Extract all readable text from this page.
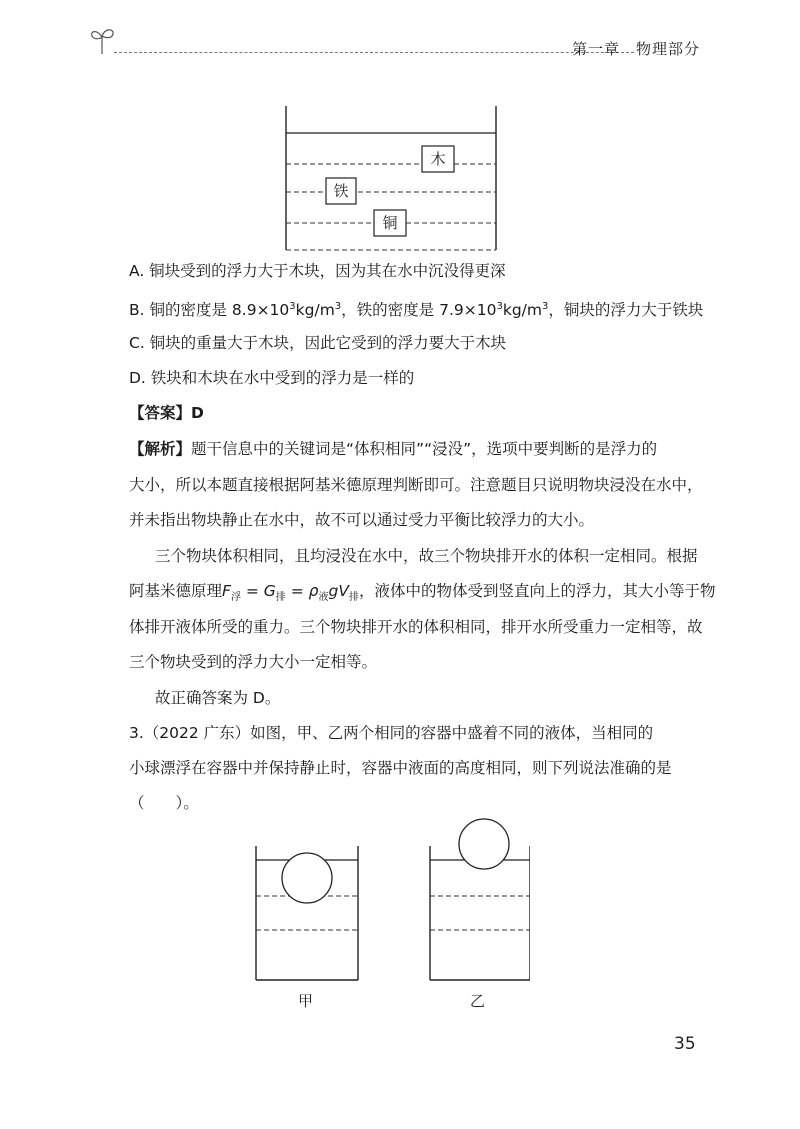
第一章　物理部分
木
铁
铜
A. 铜块受到的浮力大于木块，因为其在水中沉没得更深
B. 铜的密度是 $8.9\times 10^3kg/m^3$，铁的密度是 $7.9\times 10^3kg/m^3$，铜块的浮力大于铁块
C. 铜块的重量大于木块，因此它受到的浮力要大于木块
D. 铁块和木块在水中受到的浮力是一样的
【答案】D
【解析】题干信息中的关键词是“体积相同”“浸没”，选项中要判断的是浮力的
大小，所以本题直接根据阿基米德原理判断即可。注意题目只说明物块浸没在水中，
并未指出物块静止在水中，故不可以通过受力平衡比较浮力的大小。
三个物块体积相同，且均浸没在水中，故三个物块排开水的体积一定相同。根据
阿基米德原理$F_浮 = G_排 = \rho_液gV_排$，液体中的物体受到竖直向上的浮力，其大小等于物
体排开液体所受的重力。三个物块排开水的体积相同，排开水所受重力一定相等，故
三个物块受到的浮力大小一定相等。
故正确答案为 D。
3.（2022 广东）如图，甲、乙两个相同的容器中盛着不同的液体，当相同的
小球漂浮在容器中并保持静止时，容器中液面的高度相同，则下列说法准确的是
（　　）。
甲	乙
35
